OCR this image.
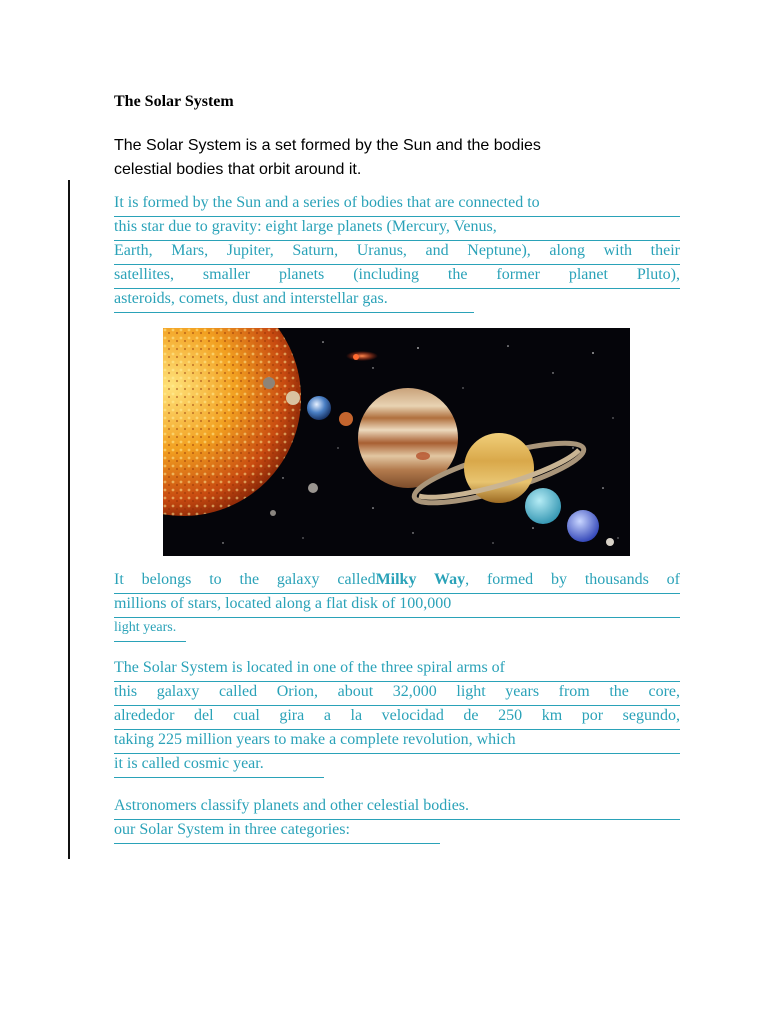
The Solar System
The Solar System is a set formed by the Sun and the bodies
celestial bodies that orbit around it.
It is formed by the Sun and a series of bodies that are connected to
this star due to gravity: eight large planets (Mercury, Venus,
Earth, Mars, Jupiter, Saturn, Uranus, and Neptune), along with their
satellites, smaller planets (including the former planet Pluto),
asteroids, comets, dust and interstellar gas.
It belongs to the galaxy calledMilky Way, formed by thousands of
millions of stars, located along a flat disk of 100,000
light years.
The Solar System is located in one of the three spiral arms of
this galaxy called Orion, about 32,000 light years from the core,
alrededor del cual gira a la velocidad de 250 km por segundo,
taking 225 million years to make a complete revolution, which
it is called cosmic year.
Astronomers classify planets and other celestial bodies.
our Solar System in three categories:
